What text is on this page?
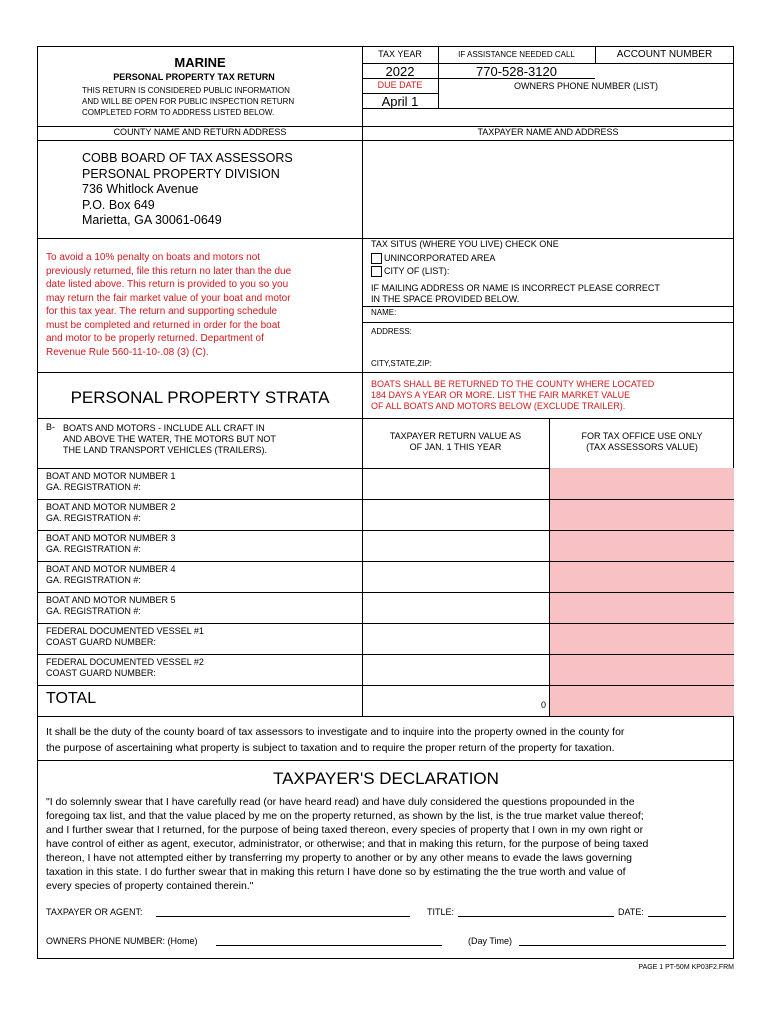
MARINE
PERSONAL PROPERTY TAX RETURN
THIS RETURN IS CONSIDERED PUBLIC INFORMATION
AND WILL BE OPEN FOR PUBLIC INSPECTION RETURN
COMPLETED FORM TO ADDRESS LISTED BELOW.
TAX YEAR
2022
DUE DATE
April 1
IF ASSISTANCE NEEDED CALL
770-528-3120
ACCOUNT NUMBER
OWNERS PHONE NUMBER (LIST)
COUNTY NAME AND RETURN ADDRESS	TAXPAYER NAME AND ADDRESS
COBB BOARD OF TAX ASSESSORS
PERSONAL PROPERTY DIVISION
736 Whitlock Avenue
P.O. Box 649
Marietta, GA 30061-0649
To avoid a 10% penalty on boats and motors not
previously returned, file this return no later than the due
date listed above. This return is provided to you so you
may return the fair market value of your boat and motor
for this tax year. The return and supporting schedule
must be completed and returned in order for the boat
and motor to be properly returned. Department of
Revenue Rule 560-11-10-.08 (3) (C).
TAX SITUS (WHERE YOU LIVE) CHECK ONE
UNINCORPORATED AREA
CITY OF (LIST):
IF MAILING ADDRESS OR NAME IS INCORRECT PLEASE CORRECT
IN THE SPACE PROVIDED BELOW.
NAME:
ADDRESS:
CITY,STATE,ZIP:
PERSONAL PROPERTY STRATA
BOATS SHALL BE RETURNED TO THE COUNTY WHERE LOCATED
184 DAYS A YEAR OR MORE. LIST THE FAIR MARKET VALUE
OF ALL BOATS AND MOTORS BELOW (EXCLUDE TRAILER).
B- BOATS AND MOTORS - INCLUDE ALL CRAFT IN
AND ABOVE THE WATER, THE MOTORS BUT NOT
THE LAND TRANSPORT VEHICLES (TRAILERS).
TAXPAYER RETURN VALUE AS
OF JAN. 1 THIS YEAR
FOR TAX OFFICE USE ONLY
(TAX ASSESSORS VALUE)
BOAT AND MOTOR NUMBER 1
GA. REGISTRATION #:
BOAT AND MOTOR NUMBER 2
GA. REGISTRATION #:
BOAT AND MOTOR NUMBER 3
GA. REGISTRATION #:
BOAT AND MOTOR NUMBER 4
GA. REGISTRATION #:
BOAT AND MOTOR NUMBER 5
GA. REGISTRATION #:
FEDERAL DOCUMENTED VESSEL #1
COAST GUARD NUMBER:
FEDERAL DOCUMENTED VESSEL #2
COAST GUARD NUMBER:
TOTAL	0
It shall be the duty of the county board of tax assessors to investigate and to inquire into the property owned in the county for
the purpose of ascertaining what property is subject to taxation and to require the proper return of the property for taxation.
TAXPAYER'S DECLARATION
"I do solemnly swear that I have carefully read (or have heard read) and have duly considered the questions propounded in the
foregoing tax list, and that the value placed by me on the property returned, as shown by the list, is the true market value thereof;
and I further swear that I returned, for the purpose of being taxed thereon, every species of property that I own in my own right or
have control of either as agent, executor, administrator, or otherwise; and that in making this return, for the purpose of being taxed
thereon, I have not attempted either by transferring my property to another or by any other means to evade the laws governing
taxation in this state. I do further swear that in making this return I have done so by estimating the the true worth and value of
every species of property contained therein."
TAXPAYER OR AGENT:	TITLE:	DATE:
OWNERS PHONE NUMBER: (Home)	(Day Time)
PAGE 1 PT-50M KP03F2.FRM
